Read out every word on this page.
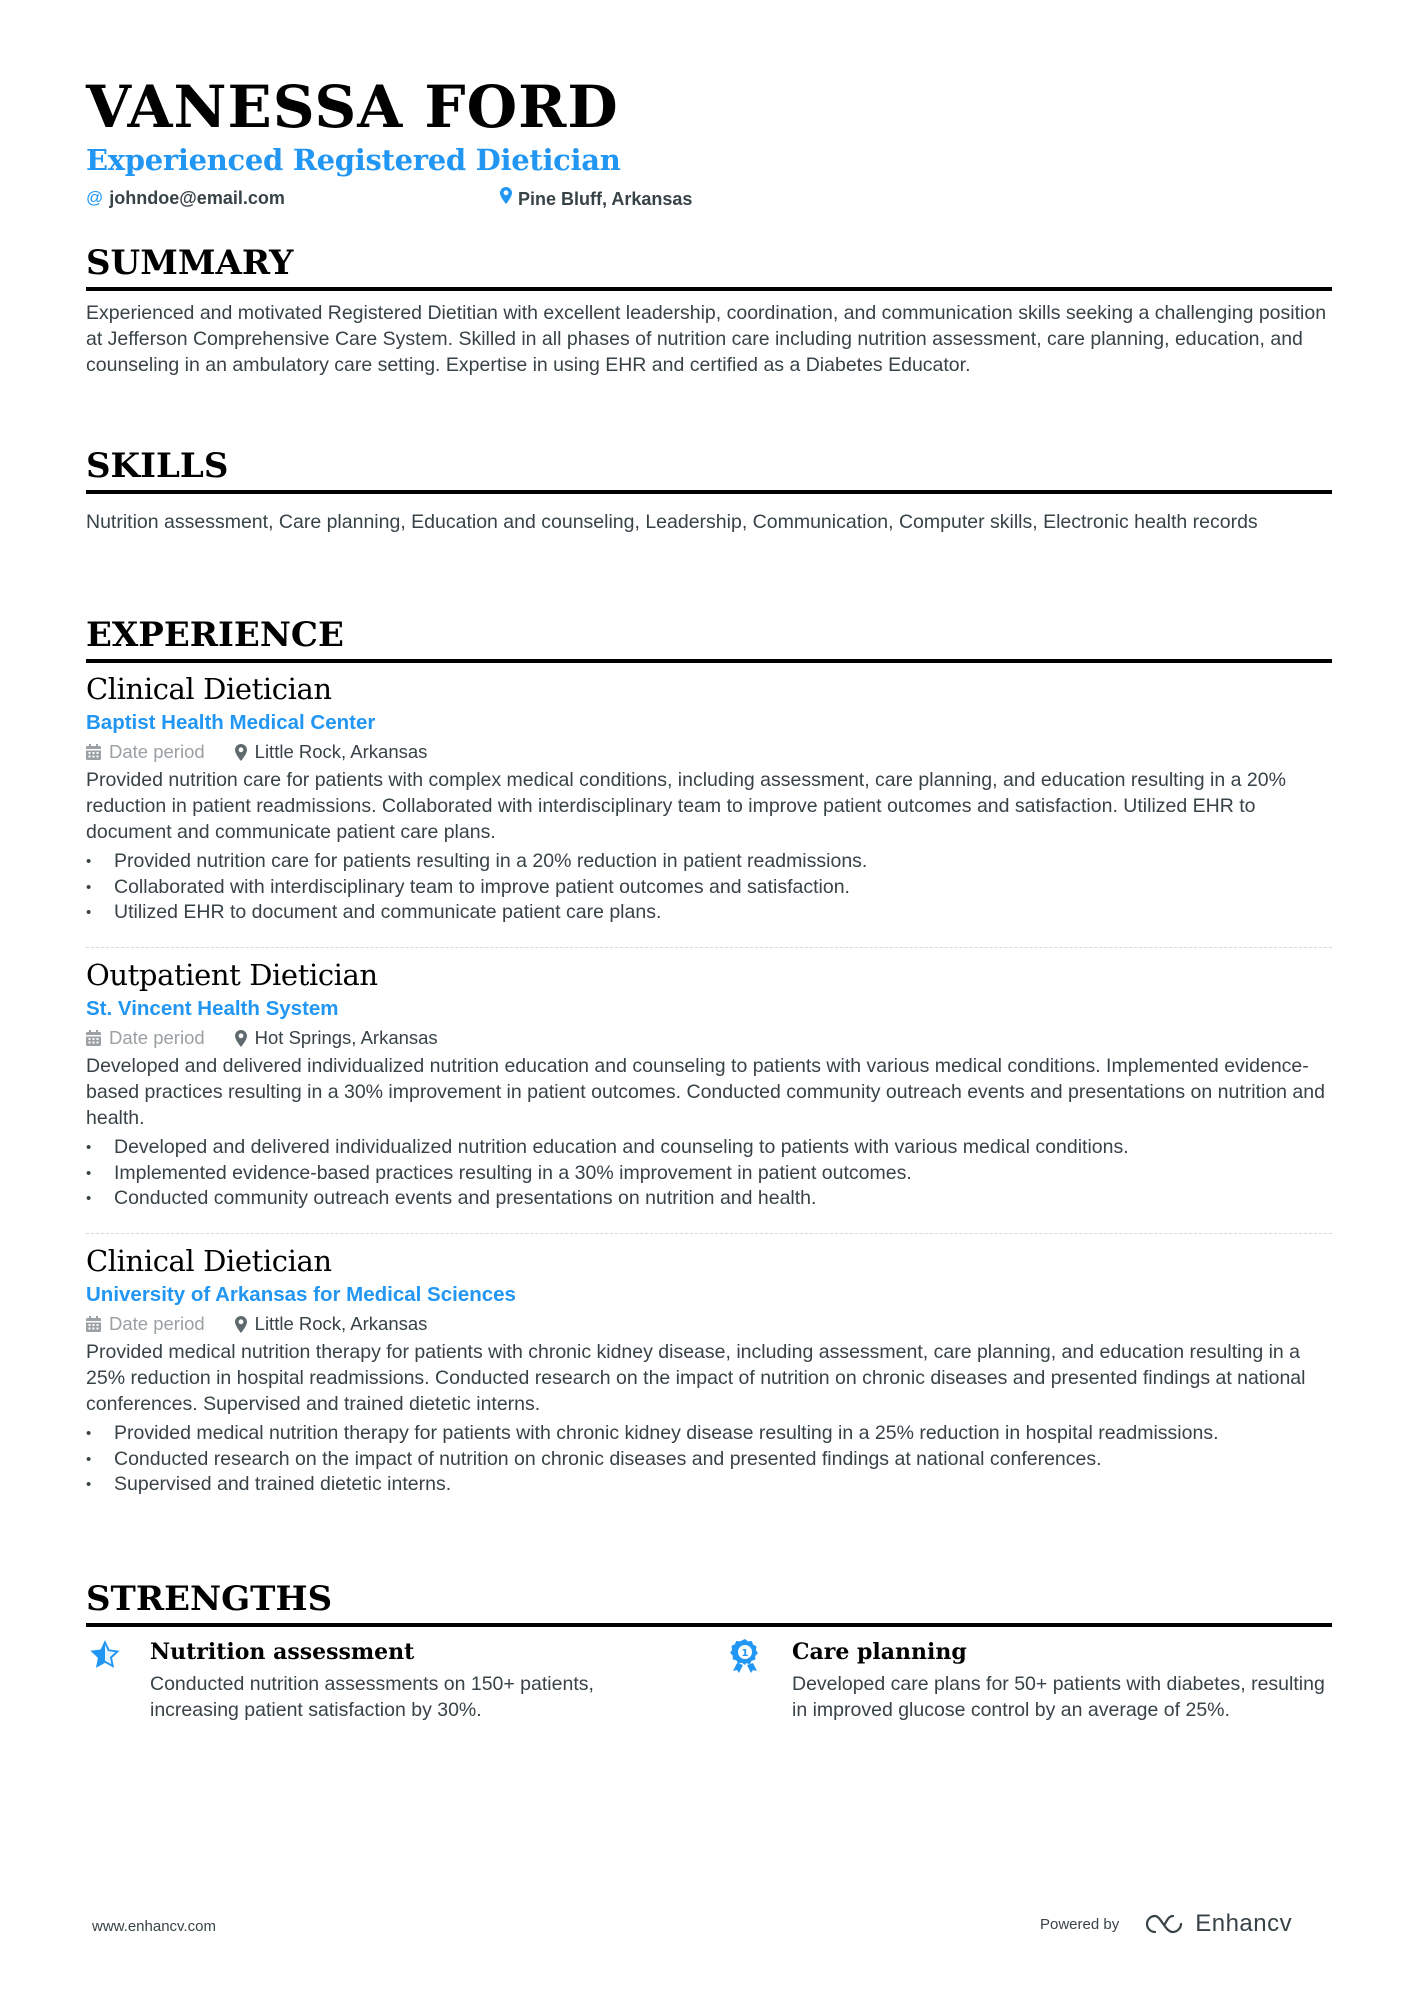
VANESSA FORD
Experienced Registered Dietician
@ johndoe@email.com	Pine Bluff, Arkansas
SUMMARY
Experienced and motivated Registered Dietitian with excellent leadership, coordination, and communication skills seeking a challenging position at Jefferson Comprehensive Care System. Skilled in all phases of nutrition care including nutrition assessment, care planning, education, and counseling in an ambulatory care setting. Expertise in using EHR and certified as a Diabetes Educator.
SKILLS
Nutrition assessment, Care planning, Education and counseling, Leadership, Communication, Computer skills, Electronic health records
EXPERIENCE
Clinical Dietician
Baptist Health Medical Center
Date period	Little Rock, Arkansas
Provided nutrition care for patients with complex medical conditions, including assessment, care planning, and education resulting in a 20% reduction in patient readmissions. Collaborated with interdisciplinary team to improve patient outcomes and satisfaction. Utilized EHR to document and communicate patient care plans.
• Provided nutrition care for patients resulting in a 20% reduction in patient readmissions.
• Collaborated with interdisciplinary team to improve patient outcomes and satisfaction.
• Utilized EHR to document and communicate patient care plans.
Outpatient Dietician
St. Vincent Health System
Date period	Hot Springs, Arkansas
Developed and delivered individualized nutrition education and counseling to patients with various medical conditions. Implemented evidence-based practices resulting in a 30% improvement in patient outcomes. Conducted community outreach events and presentations on nutrition and health.
• Developed and delivered individualized nutrition education and counseling to patients with various medical conditions.
• Implemented evidence-based practices resulting in a 30% improvement in patient outcomes.
• Conducted community outreach events and presentations on nutrition and health.
Clinical Dietician
University of Arkansas for Medical Sciences
Date period	Little Rock, Arkansas
Provided medical nutrition therapy for patients with chronic kidney disease, including assessment, care planning, and education resulting in a 25% reduction in hospital readmissions. Conducted research on the impact of nutrition on chronic diseases and presented findings at national conferences. Supervised and trained dietetic interns.
• Provided medical nutrition therapy for patients with chronic kidney disease resulting in a 25% reduction in hospital readmissions.
• Conducted research on the impact of nutrition on chronic diseases and presented findings at national conferences.
• Supervised and trained dietetic interns.
STRENGTHS
Nutrition assessment
Conducted nutrition assessments on 150+ patients, increasing patient satisfaction by 30%.
1 Care planning
Developed care plans for 50+ patients with diabetes, resulting in improved glucose control by an average of 25%.
www.enhancv.com	Powered by	Enhancv
